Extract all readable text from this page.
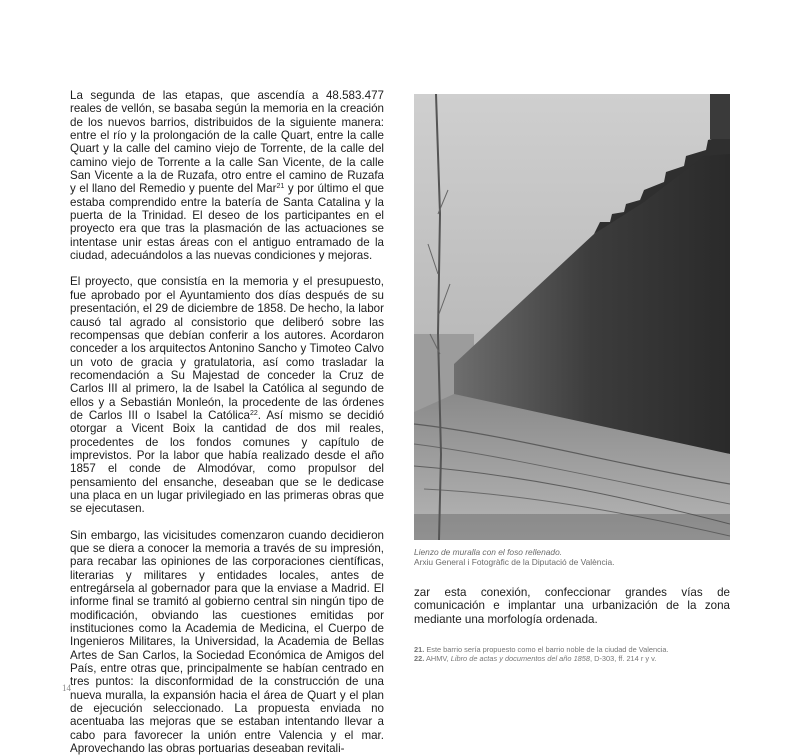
La segunda de las etapas, que ascendía a 48.583.477 reales de vellón, se basaba según la memoria en la creación de los nuevos barrios, distribuidos de la siguiente manera: entre el río y la prolongación de la calle Quart, entre la calle Quart y la calle del camino viejo de Torrente, de la calle del camino viejo de Torrente a la calle San Vicente, de la calle San Vicente a la de Ruzafa, otro entre el camino de Ruzafa y el llano del Remedio y puente del Mar$^{21}$ y por último el que estaba comprendido entre la batería de Santa Catalina y la puerta de la Trinidad. El deseo de los participantes en el proyecto era que tras la plasmación de las actuaciones se intentase unir estas áreas con el antiguo entramado de la ciudad, adecuándolos a las nuevas condiciones y mejoras.

El proyecto, que consistía en la memoria y el presupuesto, fue aprobado por el Ayuntamiento dos días después de su presentación, el 29 de diciembre de 1858. De hecho, la labor causó tal agrado al consistorio que deliberó sobre las recompensas que debían conferir a los autores. Acordaron conceder a los arquitectos Antonino Sancho y Timoteo Calvo un voto de gracia y gratulatoria, así como trasladar la recomendación a Su Majestad de conceder la Cruz de Carlos III al primero, la de Isabel la Católica al segundo de ellos y a Sebastián Monleón, la procedente de las órdenes de Carlos III o Isabel la Católica$^{22}$. Así mismo se decidió otorgar a Vicent Boix la cantidad de dos mil reales, procedentes de los fondos comunes y capítulo de imprevistos. Por la labor que había realizado desde el año 1857 el conde de Almodóvar, como propulsor del pensamiento del ensanche, deseaban que se le dedicase una placa en un lugar privilegiado en las primeras obras que se ejecutasen.

Sin embargo, las vicisitudes comenzaron cuando decidieron que se diera a conocer la memoria a través de su impresión, para recabar las opiniones de las corporaciones científicas, literarias y militares y entidades locales, antes de entregársela al gobernador para que la enviase a Madrid. El informe final se tramitó al gobierno central sin ningún tipo de modificación, obviando las cuestiones emitidas por instituciones como la Academia de Medicina, el Cuerpo de Ingenieros Militares, la Universidad, la Academia de Bellas Artes de San Carlos, la Sociedad Económica de Amigos del País, entre otras que, principalmente se habían centrado en tres puntos: la disconformidad de la construcción de una nueva muralla, la expansión hacia el área de Quart y el plan de ejecución seleccionado. La propuesta enviada no acentuaba las mejoras que se estaban intentando llevar a cabo para favorecer la unión entre Valencia y el mar. Aprovechando las obras portuarias deseaban revitali-

Lienzo de muralla con el foso rellenado.
Arxiu General i Fotogràfic de la Diputació de València.

zar esta conexión, confeccionar grandes vías de comunicación e implantar una urbanización de la zona mediante una morfología ordenada.

21. Este barrio sería propuesto como el barrio noble de la ciudad de Valencia.
22. AHMV, Libro de actas y documentos del año 1858, D-303, ff. 214 r y v.
14
